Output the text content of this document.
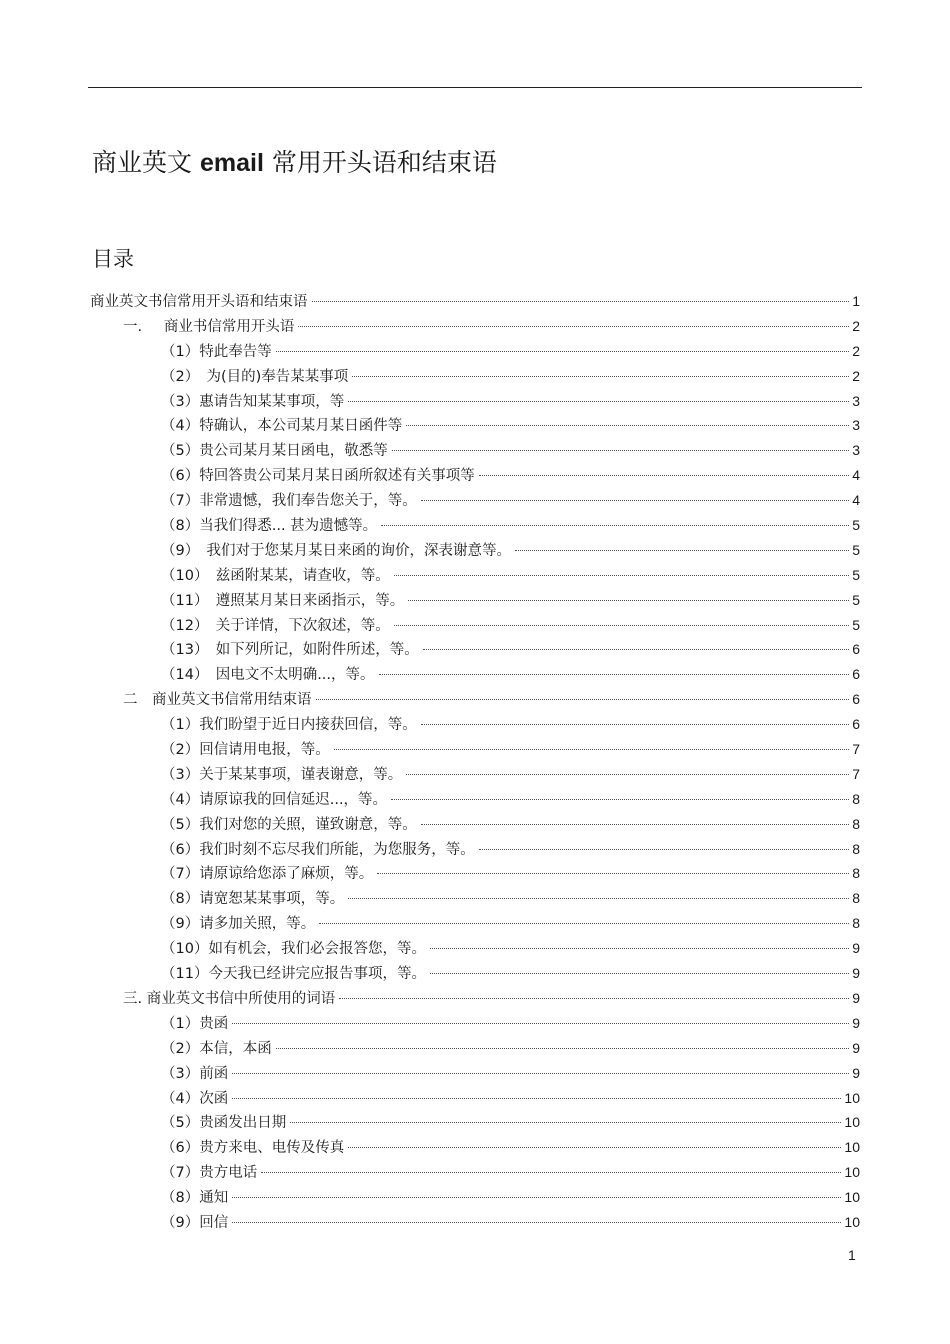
商业英文 email 常用开头语和结束语
目录
商业英文书信常用开头语和结束语	1
一.  商业书信常用开头语	2
（1）特此奉告等	2
（2） 为(目的)奉告某某事项	2
（3）惠请告知某某事项，等	3
（4）特确认，本公司某月某日函件等	3
（5）贵公司某月某日函电，敬悉等	3
（6）特回答贵公司某月某日函所叙述有关事项等	4
（7）非常遗憾，我们奉告您关于，等。	4
（8）当我们得悉... 甚为遗憾等。	5
（9） 我们对于您某月某日来函的询价，深表谢意等。	5
（10） 兹函附某某，请查收，等。	5
（11） 遵照某月某日来函指示，等。	5
（12） 关于详情，下次叙述，等。	5
（13） 如下列所记，如附件所述，等。	6
（14） 因电文不太明确...，等。	6
二  商业英文书信常用结束语	6
（1）我们盼望于近日内接获回信，等。	6
（2）回信请用电报，等。	7
（3）关于某某事项，谨表谢意，等。	7
（4）请原谅我的回信延迟...，等。	8
（5）我们对您的关照，谨致谢意，等。	8
（6）我们时刻不忘尽我们所能，为您服务，等。	8
（7）请原谅给您添了麻烦，等。	8
（8）请宽恕某某事项，等。	8
（9）请多加关照，等。	8
（10）如有机会，我们必会报答您，等。	9
（11）今天我已经讲完应报告事项，等。	9
三. 商业英文书信中所使用的词语	9
（1）贵函	9
（2）本信，本函	9
（3）前函	9
（4）次函	10
（5）贵函发出日期	10
（6）贵方来电、电传及传真	10
（7）贵方电话	10
（8）通知	10
（9）回信	10
1
